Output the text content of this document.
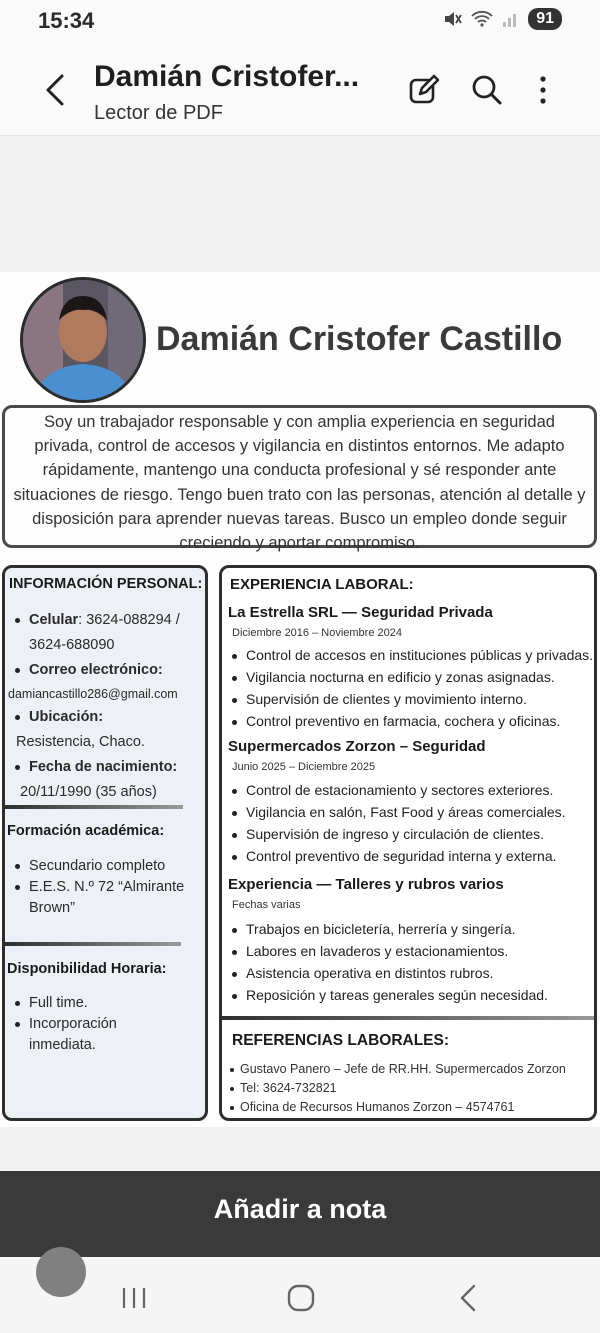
15:34	91
Damián Cristofer...
Lector de PDF
Damián Cristofer Castillo
Soy un trabajador responsable y con amplia experiencia en seguridad privada, control de accesos y vigilancia en distintos entornos. Me adapto rápidamente, mantengo una conducta profesional y sé responder ante situaciones de riesgo. Tengo buen trato con las personas, atención al detalle y disposición para aprender nuevas tareas. Busco un empleo donde seguir creciendo y aportar compromiso.
INFORMACIÓN PERSONAL:
Celular: 3624-088294 /
3624-688090
Correo electrónico:
damiancastillo286@gmail.com
Ubicación:
Resistencia, Chaco.
Fecha de nacimiento:
20/11/1990 (35 años)
Formación académica:
Secundario completo
E.E.S. N.º 72 “Almirante
Brown”
Disponibilidad Horaria:
Full time.
Incorporación
inmediata.
EXPERIENCIA LABORAL:
La Estrella SRL — Seguridad Privada
Diciembre 2016 – Noviembre 2024
Control de accesos en instituciones públicas y privadas.
Vigilancia nocturna en edificio y zonas asignadas.
Supervisión de clientes y movimiento interno.
Control preventivo en farmacia, cochera y oficinas.
Supermercados Zorzon – Seguridad
Junio 2025 – Diciembre 2025
Control de estacionamiento y sectores exteriores.
Vigilancia en salón, Fast Food y áreas comerciales.
Supervisión de ingreso y circulación de clientes.
Control preventivo de seguridad interna y externa.
Experiencia — Talleres y rubros varios
Fechas varias
Trabajos en bicicletería, herrería y singería.
Labores en lavaderos y estacionamientos.
Asistencia operativa en distintos rubros.
Reposición y tareas generales según necesidad.
REFERENCIAS LABORALES:
Gustavo Panero – Jefe de RR.HH. Supermercados Zorzon
Tel: 3624-732821
Oficina de Recursos Humanos Zorzon – 4574761
Añadir a nota
